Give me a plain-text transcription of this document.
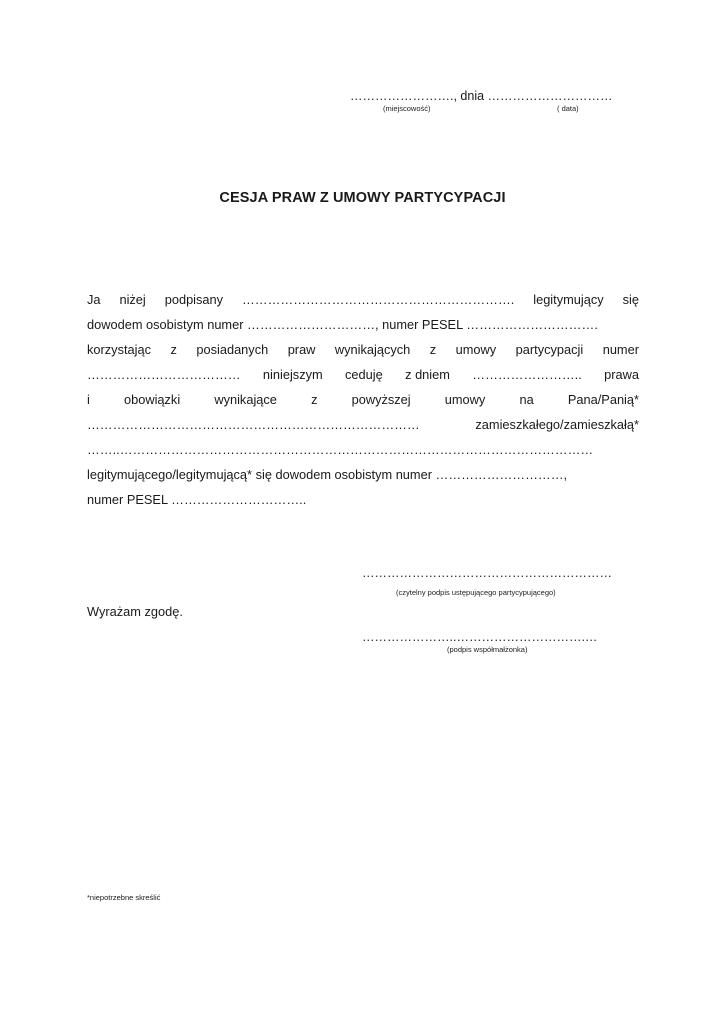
……………………., dnia …………………………
(miejscowość)	( data)
CESJA PRAW Z UMOWY PARTYCYPACJI
Ja niżej podpisany ………………………………………………………. legitymujący się
dowodem osobistym numer …………………………, numer PESEL ………………………….
korzystając z posiadanych praw wynikających z umowy partycypacji numer
……………………………… niniejszym ceduję z dniem …………………….. prawa
i	obowiązki	wynikające	z	powyższej	umowy	na	Pana/Panią*
……………………………………………………………………	zamieszkałego/zamieszkałą*
……..…………………………………………………………………………………………………
legitymującego/legitymującą* się dowodem osobistym numer …………………………,
numer PESEL …………………………..
……………………………………………………
(czytelny podpis ustępującego partycypującego)
Wyrażam zgodę.
…………………..………………………….…
(podpis współmałżonka)
*niepotrzebne skreślić
